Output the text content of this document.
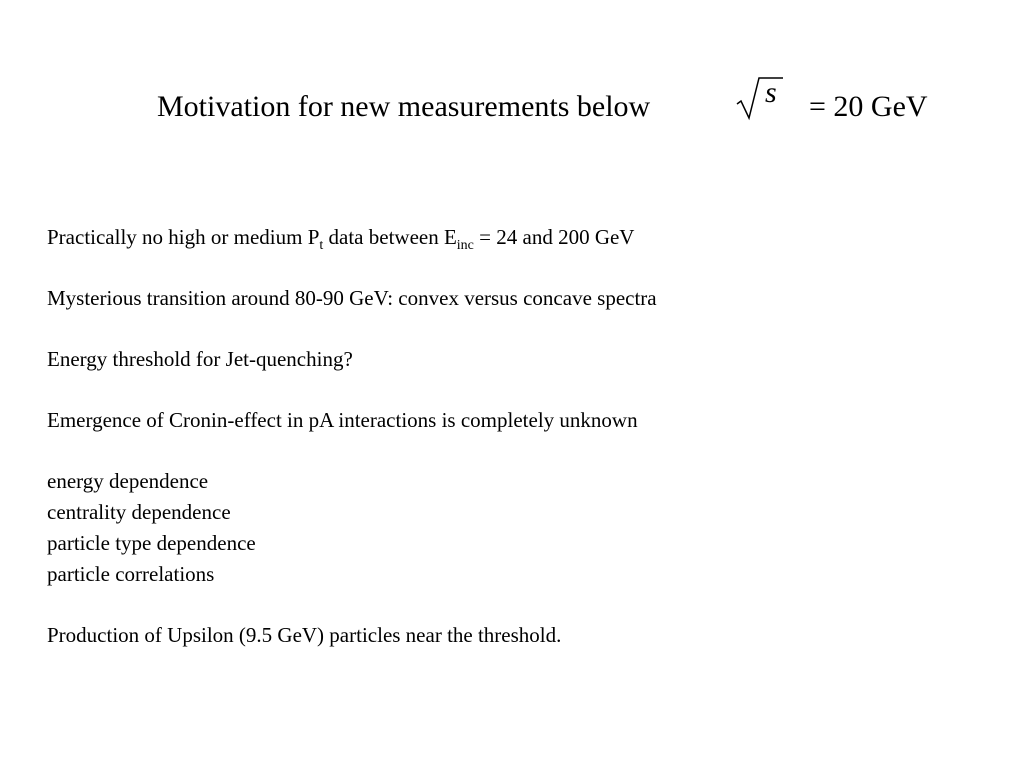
Motivation for new measurements below	s = 20 GeV
Practically no high or medium $P_t$ data between $E_{inc} = 24$ and 200 GeV
Mysterious transition around 80-90 GeV: convex versus concave spectra
Energy threshold for Jet-quenching?
Emergence of Cronin-effect in pA interactions is completely unknown
energy dependence
centrality dependence
particle type dependence
particle correlations
Production of Upsilon (9.5 GeV) particles near the threshold.
